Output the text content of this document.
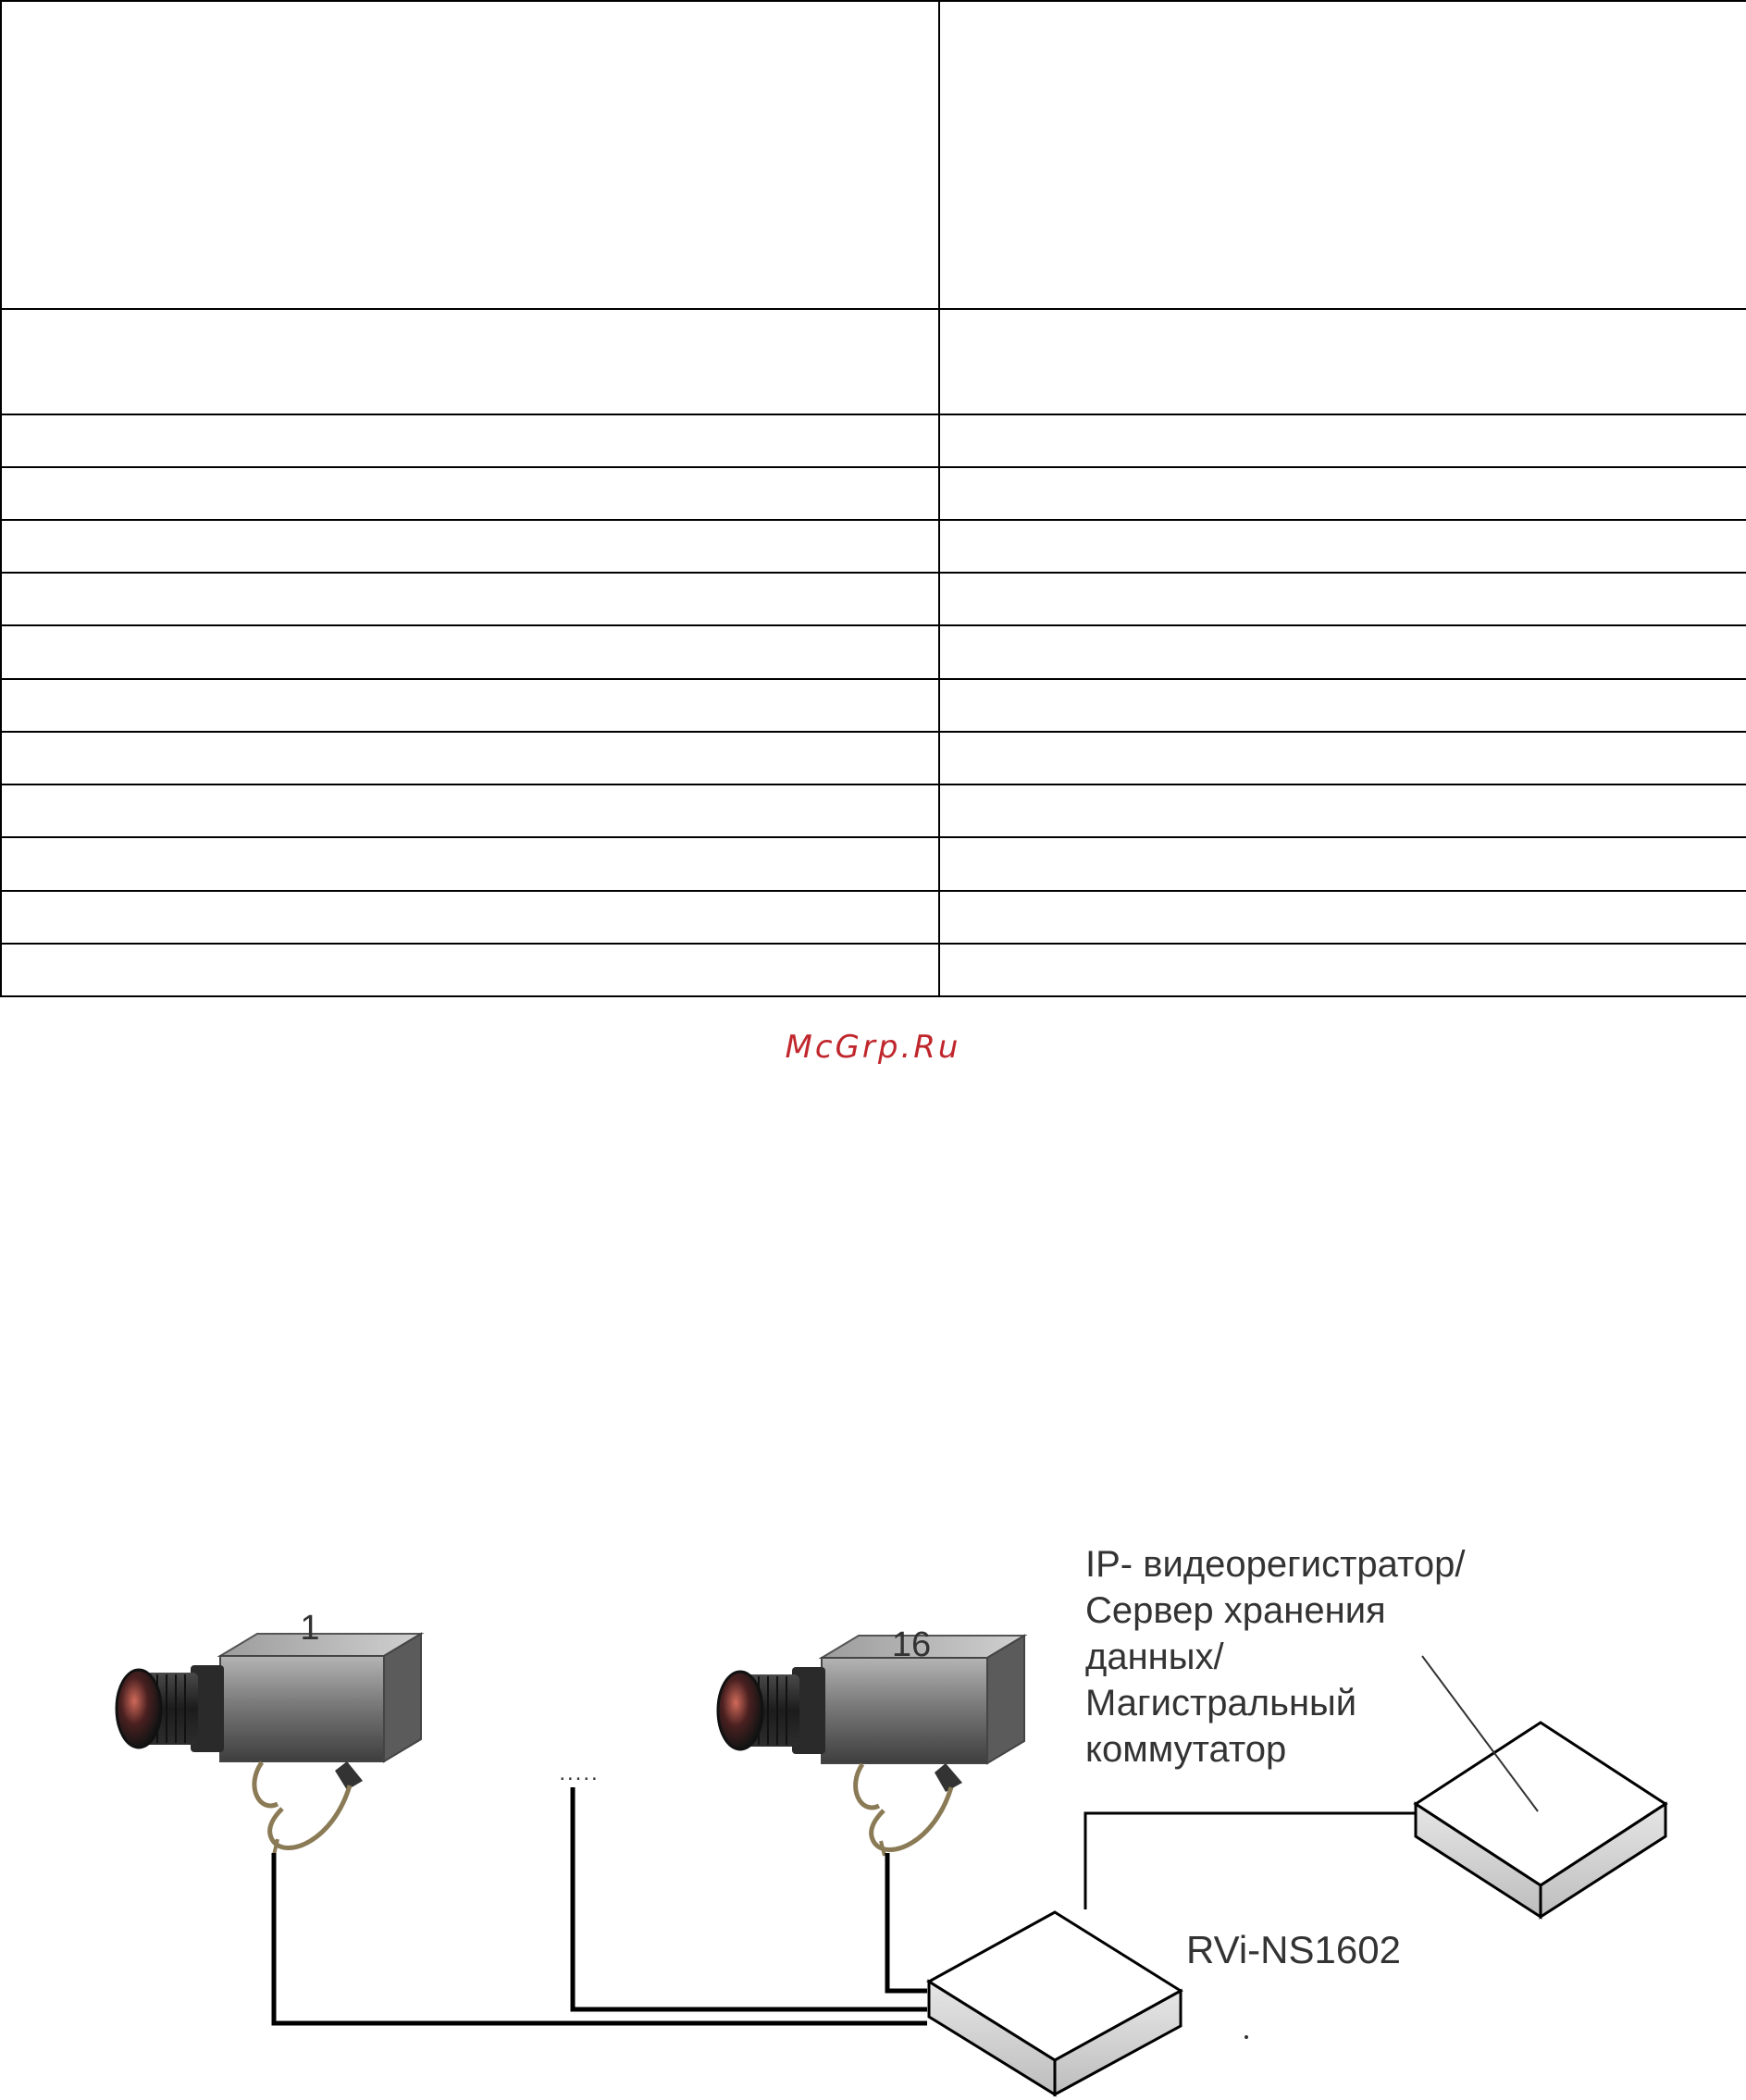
McGrp.Ru
1	16
.....
RVi-NS1602
IP- видеорегистратор/
Сервер хранения
данных/
Магистральный
коммутатор
